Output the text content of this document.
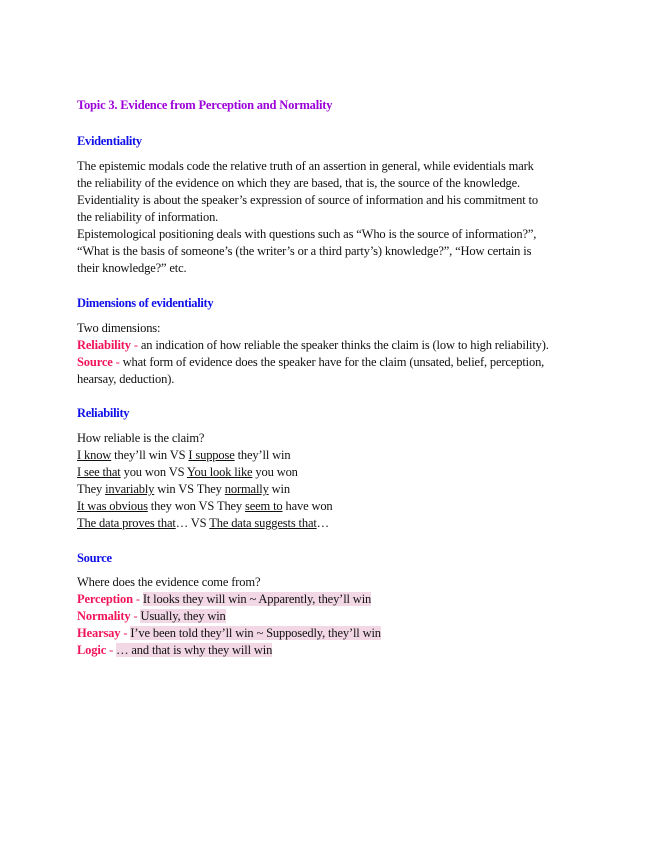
Topic 3. Evidence from Perception and Normality
Evidentiality
The epistemic modals code the relative truth of an assertion in general, while evidentials mark
the reliability of the evidence on which they are based, that is, the source of the knowledge.
Evidentiality is about the speaker’s expression of source of information and his commitment to
the reliability of information.
Epistemological positioning deals with questions such as “Who is the source of information?”,
“What is the basis of someone’s (the writer’s or a third party’s) knowledge?”, “How certain is
their knowledge?” etc.
Dimensions of evidentiality
Two dimensions:
Reliability - an indication of how reliable the speaker thinks the claim is (low to high reliability).
Source - what form of evidence does the speaker have for the claim (unsated, belief, perception,
hearsay, deduction).
Reliability
How reliable is the claim?
I know they’ll win VS I suppose they’ll win
I see that you won VS You look like you won
They invariably win VS They normally win
It was obvious they won VS They seem to have won
The data proves that… VS The data suggests that…
Source
Where does the evidence come from?
Perception - It looks they will win ~ Apparently, they’ll win
Normality - Usually, they win
Hearsay - I’ve been told they’ll win ~ Supposedly, they’ll win
Logic - … and that is why they will win
